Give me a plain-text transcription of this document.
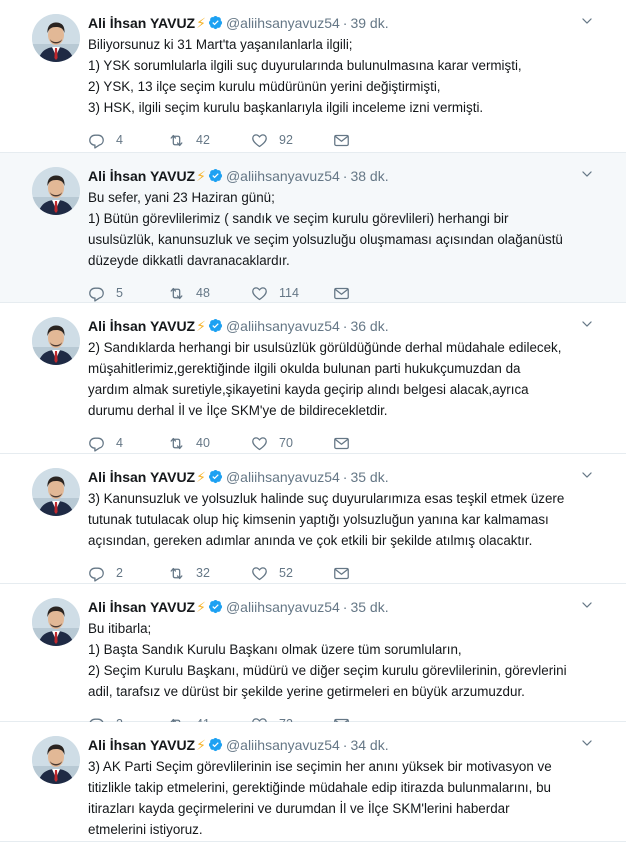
Ali İhsan YAVUZ⚡ @aliihsanyavuz54 · 39 dk.

Biliyorsunuz ki 31 Mart'ta yaşanılanlarla ilgili;

1) YSK sorumlularla ilgili suç duyurularında bulunulmasına karar vermişti,

2) YSK, 13 ilçe seçim kurulu müdürünün yerini değiştirmişti,

3) HSK, ilgili seçim kurulu başkanlarıyla ilgili inceleme izni vermişti.

4	42	92
Ali İhsan YAVUZ⚡ @aliihsanyavuz54 · 38 dk.

Bu sefer, yani 23 Haziran günü;

1) Bütün görevlilerimiz ( sandık ve seçim kurulu görevlileri) herhangi bir

usulsüzlük, kanunsuzluk ve seçim yolsuzluğu oluşmaması açısından olağanüstü

düzeyde dikkatli davranacaklardır.

5	48	114
Ali İhsan YAVUZ⚡ @aliihsanyavuz54 · 36 dk.

2) Sandıklarda herhangi bir usulsüzlük görüldüğünde derhal müdahale edilecek,

müşahitlerimiz,gerektiğinde ilgili okulda bulunan parti hukukçumuzdan da

yardım almak suretiyle,şikayetini kayda geçirip alındı belgesi alacak,ayrıca

durumu derhal İl ve İlçe SKM'ye de bildirecekletdir.

4	40	70
Ali İhsan YAVUZ⚡ @aliihsanyavuz54 · 35 dk.

3) Kanunsuzluk ve yolsuzluk halinde suç duyurularımıza esas teşkil etmek üzere

tutunak tutulacak olup hiç kimsenin yaptığı yolsuzluğun yanına kar kalmaması

açısından, gereken adımlar anında ve çok etkili bir şekilde atılmış olacaktır.

2	32	52
Ali İhsan YAVUZ⚡ @aliihsanyavuz54 · 35 dk.

Bu itibarla;

1) Başta Sandık Kurulu Başkanı olmak üzere tüm sorumluların,

2) Seçim Kurulu Başkanı, müdürü ve diğer seçim kurulu görevlilerinin, görevlerini

adil, tarafsız ve dürüst bir şekilde yerine getirmeleri en büyük arzumuzdur.

Ali İhsan YAVUZ⚡ @aliihsanyavuz54 · 34 dk.

3) AK Parti Seçim görevlilerinin ise seçimin her anını yüksek bir motivasyon ve

titizlikle takip etmelerini, gerektiğinde müdahale edip itirazda bulunmalarını, bu

itirazları kayda geçirmelerini ve durumdan İl ve İlçe SKM'lerini haberdar

etmelerini istiyoruz.
